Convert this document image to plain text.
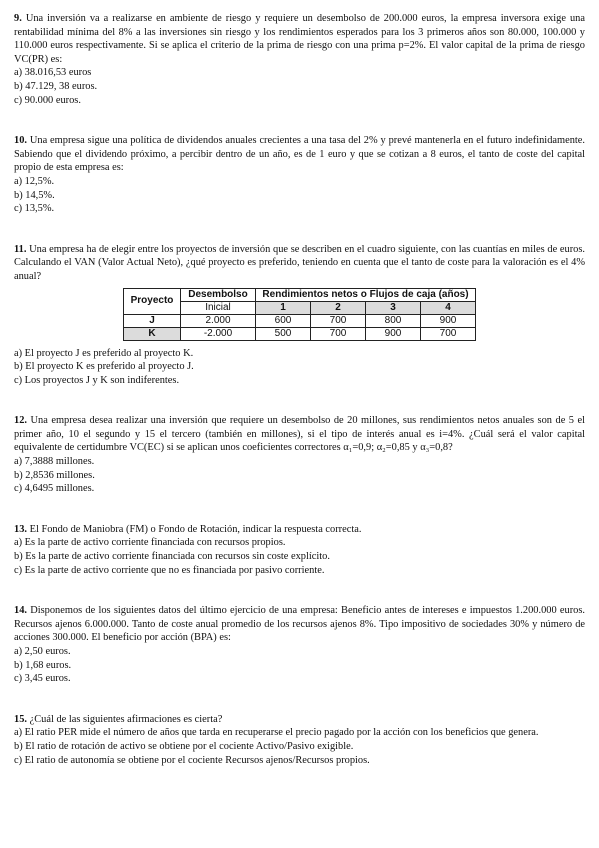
9. Una inversión va a realizarse en ambiente de riesgo y requiere un desembolso de 200.000 euros, la empresa inversora exige una rentabilidad mínima del 8% a las inversiones sin riesgo y los rendimientos esperados para los 3 primeros años son 80.000, 100.000 y 110.000 euros respectivamente. Si se aplica el criterio de la prima de riesgo con una prima p=2%. El valor capital de la prima de riesgo VC(PR) es:

a) 38.016,53 euros
b) 47.129, 38 euros.
c) 90.000 euros.

10. Una empresa sigue una política de dividendos anuales crecientes a una tasa del 2% y prevé mantenerla en el futuro indefinidamente. Sabiendo que el dividendo próximo, a percibir dentro de un año, es de 1 euro y que se cotizan a 8 euros, el tanto de coste del capital propio de esta empresa es:

a) 12,5%.
b) 14,5%.
c) 13,5%.

11. Una empresa ha de elegir entre los proyectos de inversión que se describen en el cuadro siguiente, con las cuantías en miles de euros. Calculando el VAN (Valor Actual Neto), ¿qué proyecto es preferido, teniendo en cuenta que el tanto de coste para la valoración es el 4% anual?

Proyecto	Desembolso	Rendimientos netos o Flujos de caja (años)			
	Inicial	1	2	3	4
J	2.000	600	700	800	900
K	-2.000	500	700	900	700
a) El proyecto J es preferido al proyecto K.
b) El proyecto K es preferido al proyecto J.
c) Los proyectos J y K son indiferentes.

12. Una empresa desea realizar una inversión que requiere un desembolso de 20 millones, sus rendimientos netos anuales son de 5 el primer año, 10 el segundo y 15 el tercero (también en millones), si el tipo de interés anual es i=4%. ¿Cuál será el valor capital equivalente de certidumbre VC(EC) si se aplican unos coeficientes correctores α₁=0,9; α₂=0,85 y α₃=0,8?

a) 7,3888 millones.
b) 2,8536 millones.
c) 4,6495 millones.

13. El Fondo de Maniobra (FM) o Fondo de Rotación, indicar la respuesta correcta.

a) Es la parte de activo corriente financiada con recursos propios.
b) Es la parte de activo corriente financiada con recursos sin coste explícito.
c) Es la parte de activo corriente que no es financiada por pasivo corriente.

14. Disponemos de los siguientes datos del último ejercicio de una empresa: Beneficio antes de intereses e impuestos 1.200.000 euros. Recursos ajenos 6.000.000. Tanto de coste anual promedio de los recursos ajenos 8%. Tipo impositivo de sociedades 30% y número de acciones 300.000. El beneficio por acción (BPA) es:

a) 2,50 euros.
b) 1,68 euros.
c) 3,45 euros.

15. ¿Cuál de las siguientes afirmaciones es cierta?

a) El ratio PER mide el número de años que tarda en recuperarse el precio pagado por la acción con los beneficios que genera.
b) El ratio de rotación de activo se obtiene por el cociente Activo/Pasivo exigible.
c) El ratio de autonomía se obtiene por el cociente Recursos ajenos/Recursos propios.
